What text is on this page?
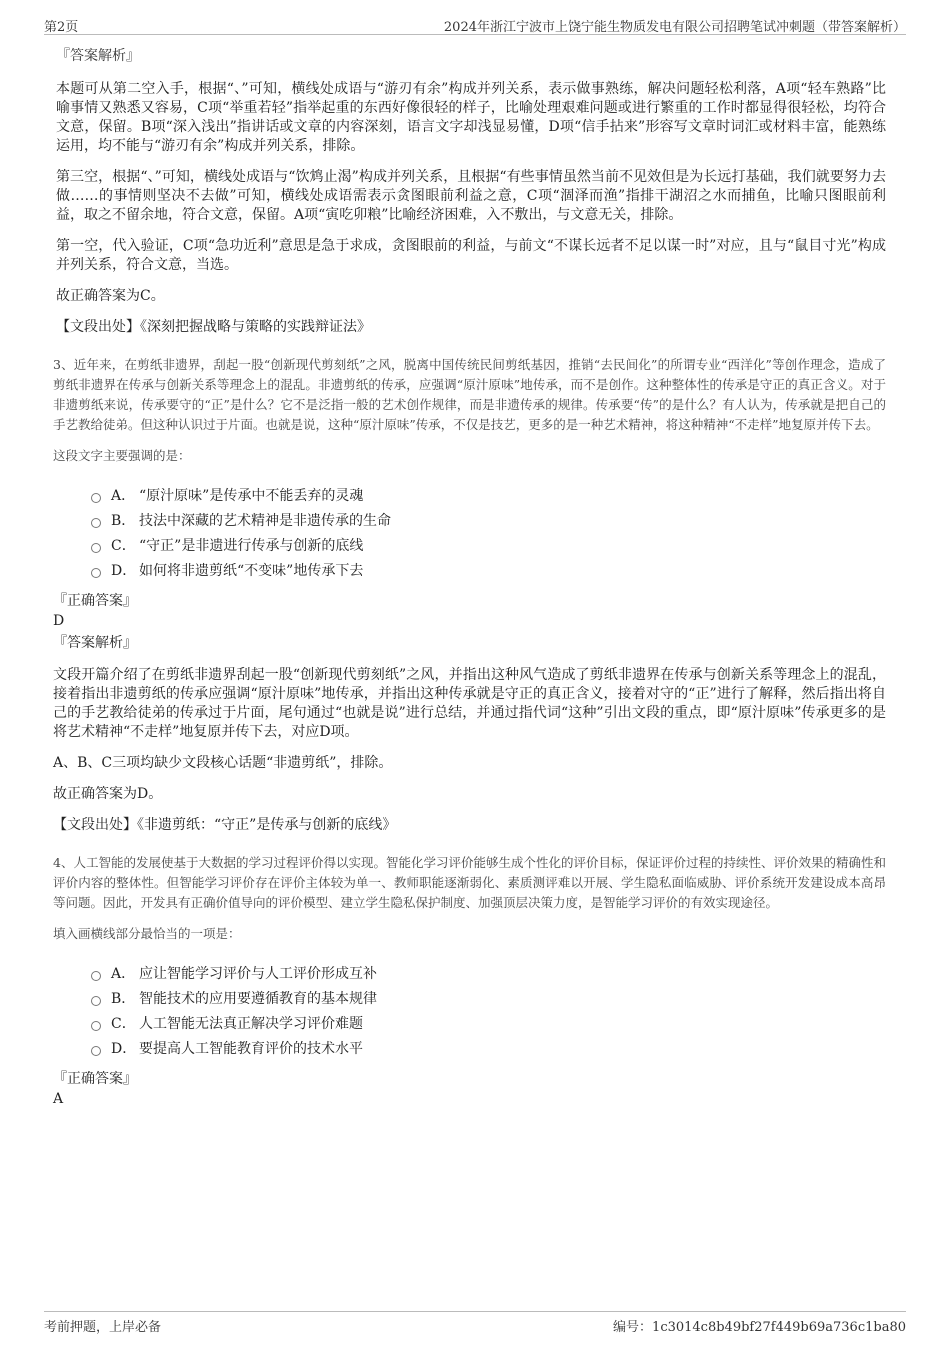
第2页	2024年浙江宁波市上饶宁能生物质发电有限公司招聘笔试冲刺题（带答案解析）
『答案解析』

本题可从第二空入手，根据“、”可知，横线处成语与“游刃有余”构成并列关系，表示做事熟练，解决问题轻松利落，A项“轻车熟路”比喻事情又熟悉又容易，C项“举重若轻”指举起重的东西好像很轻的样子，比喻处理艰难问题或进行繁重的工作时都显得很轻松，均符合文意，保留。B项“深入浅出”指讲话或文章的内容深刻，语言文字却浅显易懂，D项“信手拈来”形容写文章时词汇或材料丰富，能熟练运用，均不能与“游刃有余”构成并列关系，排除。

第三空，根据“、”可知，横线处成语与“饮鸩止渴”构成并列关系，且根据“有些事情虽然当前不见效但是为长远打基础，我们就要努力去做……的事情则坚决不去做”可知，横线处成语需表示贪图眼前利益之意，C项“涸泽而渔”指排干湖沼之水而捕鱼，比喻只图眼前利益，取之不留余地，符合文意，保留。A项“寅吃卯粮”比喻经济困难，入不敷出，与文意无关，排除。

第一空，代入验证，C项“急功近利”意思是急于求成，贪图眼前的利益，与前文“不谋长远者不足以谋一时”对应，且与“鼠目寸光”构成并列关系，符合文意，当选。

故正确答案为C。

【文段出处】《深刻把握战略与策略的实践辩证法》

3、近年来，在剪纸非遗界，刮起一股“创新现代剪刻纸”之风，脱离中国传统民间剪纸基因，推销“去民间化”的所谓专业“西洋化”等创作理念，造成了剪纸非遗界在传承与创新关系等理念上的混乱。非遗剪纸的传承，应强调“原汁原味”地传承，而不是创作。这种整体性的传承是守正的真正含义。对于非遗剪纸来说，传承要守的“正”是什么？它不是泛指一般的艺术创作规律，而是非遗传承的规律。传承要“传”的是什么？有人认为，传承就是把自己的手艺教给徒弟。但这种认识过于片面。也就是说，这种“原汁原味”传承，不仅是技艺，更多的是一种艺术精神，将这种精神“不走样”地复原并传下去。

这段文字主要强调的是：

A． “原汁原味”是传承中不能丢弃的灵魂
B． 技法中深藏的艺术精神是非遗传承的生命
C． “守正”是非遗进行传承与创新的底线
D． 如何将非遗剪纸“不变味”地传承下去
『正确答案』
D
『答案解析』

文段开篇介绍了在剪纸非遗界刮起一股“创新现代剪刻纸”之风，并指出这种风气造成了剪纸非遗界在传承与创新关系等理念上的混乱，接着指出非遗剪纸的传承应强调“原汁原味”地传承，并指出这种传承就是守正的真正含义，接着对守的“正”进行了解释，然后指出将自己的手艺教给徒弟的传承过于片面，尾句通过“也就是说”进行总结，并通过指代词“这种”引出文段的重点，即“原汁原味”传承更多的是将艺术精神“不走样”地复原并传下去，对应D项。

A、B、C三项均缺少文段核心话题“非遗剪纸”，排除。

故正确答案为D。

【文段出处】《非遗剪纸：“守正”是传承与创新的底线》

4、人工智能的发展使基于大数据的学习过程评价得以实现。智能化学习评价能够生成个性化的评价目标，保证评价过程的持续性、评价效果的精确性和评价内容的整体性。但智能学习评价存在评价主体较为单一、教师职能逐渐弱化、素质测评难以开展、学生隐私面临威胁、评价系统开发建设成本高昂等问题。因此，开发具有正确价值导向的评价模型、建立学生隐私保护制度、加强顶层决策力度，是智能学习评价的有效实现途径。

填入画横线部分最恰当的一项是：

A． 应让智能学习评价与人工评价形成互补
B． 智能技术的应用要遵循教育的基本规律
C． 人工智能无法真正解决学习评价难题
D． 要提高人工智能教育评价的技术水平
『正确答案』
A
考前押题，上岸必备	编号：1c3014c8b49bf27f449b69a736c1ba80
